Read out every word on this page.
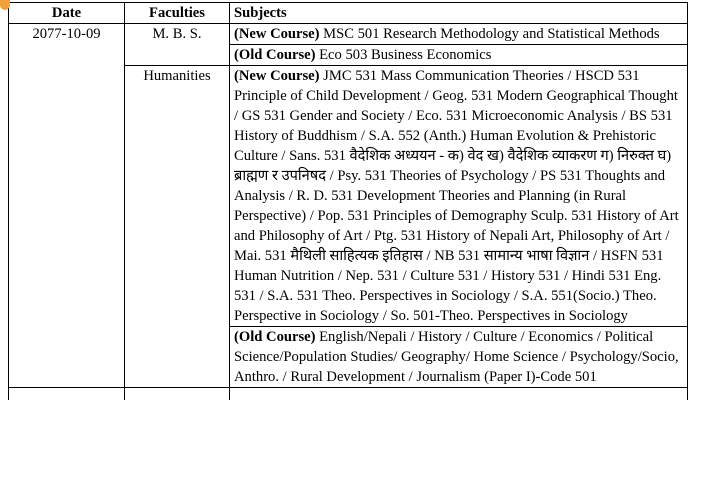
Date	Faculties	Subjects
2077-10-09	M. B. S.	(New Course) MSC 501 Research Methodology and Statistical Methods
		(Old Course) Eco 503 Business Economics
	Humanities	(New Course) JMC 531 Mass Communication Theories / HSCD 531 Principle of Child Development / Geog. 531 Modern Geographical Thought / GS 531 Gender and Society / Eco. 531 Microeconomic Analysis / BS 531 History of Buddhism / S.A. 552 (Anth.) Human Evolution & Prehistoric Culture / Sans. 531 वैदेशिक अध्ययन - क) वेद ख) वैदेशिक व्याकरण ग) निरुक्त घ) ब्राह्मण र उपनिषद / Psy. 531 Theories of Psychology / PS 531 Thoughts and Analysis / R. D. 531 Development Theories and Planning (in Rural Perspective) / Pop. 531 Principles of Demography Sculp. 531 History of Art and Philosophy of Art / Ptg. 531 History of Nepali Art, Philosophy of Art / Mai. 531 मैथिली साहित्यक इतिहास / NB 531 सामान्य भाषा विज्ञान / HSFN 531 Human Nutrition / Nep. 531 / Culture 531 / History 531 / Hindi 531 Eng. 531 / S.A. 531 Theo. Perspectives in Sociology / S.A. 551(Socio.) Theo. Perspective in Sociology / So. 501-Theo. Perspectives in Sociology
		(Old Course) English/Nepali / History / Culture / Economics / Political Science/Population Studies/ Geography/ Home Science / Psychology/Socio, Anthro. / Rural Development / Journalism (Paper I)-Code 501
